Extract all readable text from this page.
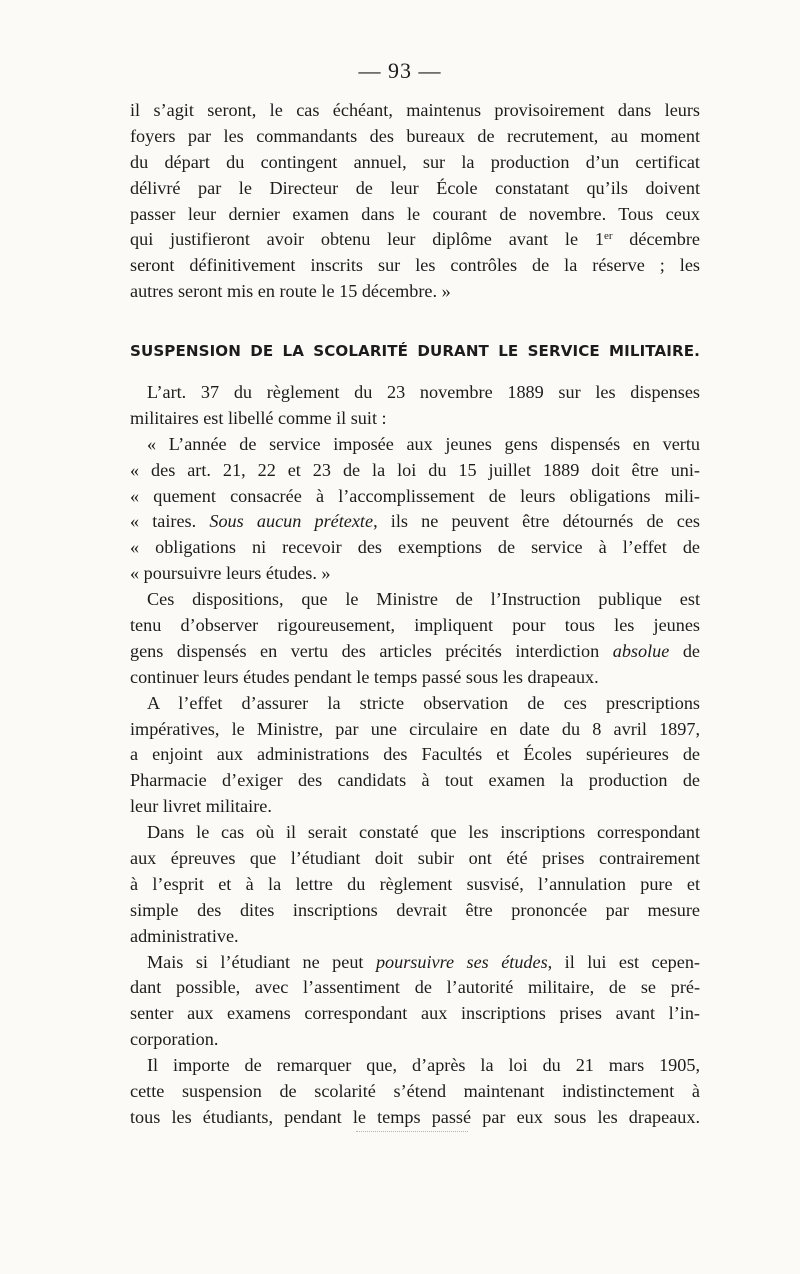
— 93 —
il s’agit seront, le cas échéant, maintenus provisoirement dans leurs
foyers par les commandants des bureaux de recrutement, au moment
du départ du contingent annuel, sur la production d’un certificat
délivré par le Directeur de leur École constatant qu’ils doivent
passer leur dernier examen dans le courant de novembre. Tous ceux
qui justifieront avoir obtenu leur diplôme avant le 1er décembre
seront définitivement inscrits sur les contrôles de la réserve ; les
autres seront mis en route le 15 décembre. »
SUSPENSION DE LA SCOLARITÉ DURANT LE SERVICE MILITAIRE.
L’art. 37 du règlement du 23 novembre 1889 sur les dispenses
militaires est libellé comme il suit :
« L’année de service imposée aux jeunes gens dispensés en vertu
« des art. 21, 22 et 23 de la loi du 15 juillet 1889 doit être uni-
« quement consacrée à l’accomplissement de leurs obligations mili-
« taires. Sous aucun prétexte, ils ne peuvent être détournés de ces
« obligations ni recevoir des exemptions de service à l’effet de
« poursuivre leurs études. »
Ces dispositions, que le Ministre de l’Instruction publique est
tenu d’observer rigoureusement, impliquent pour tous les jeunes
gens dispensés en vertu des articles précités interdiction absolue de
continuer leurs études pendant le temps passé sous les drapeaux.
A l’effet d’assurer la stricte observation de ces prescriptions
impératives, le Ministre, par une circulaire en date du 8 avril 1897,
a enjoint aux administrations des Facultés et Écoles supérieures de
Pharmacie d’exiger des candidats à tout examen la production de
leur livret militaire.
Dans le cas où il serait constaté que les inscriptions correspondant
aux épreuves que l’étudiant doit subir ont été prises contrairement
à l’esprit et à la lettre du règlement susvisé, l’annulation pure et
simple des dites inscriptions devrait être prononcée par mesure
administrative.
Mais si l’étudiant ne peut poursuivre ses études, il lui est cepen-
dant possible, avec l’assentiment de l’autorité militaire, de se pré-
senter aux examens correspondant aux inscriptions prises avant l’in-
corporation.
Il importe de remarquer que, d’après la loi du 21 mars 1905,
cette suspension de scolarité s’étend maintenant indistinctement à
tous les étudiants, pendant le temps passé par eux sous les drapeaux.
